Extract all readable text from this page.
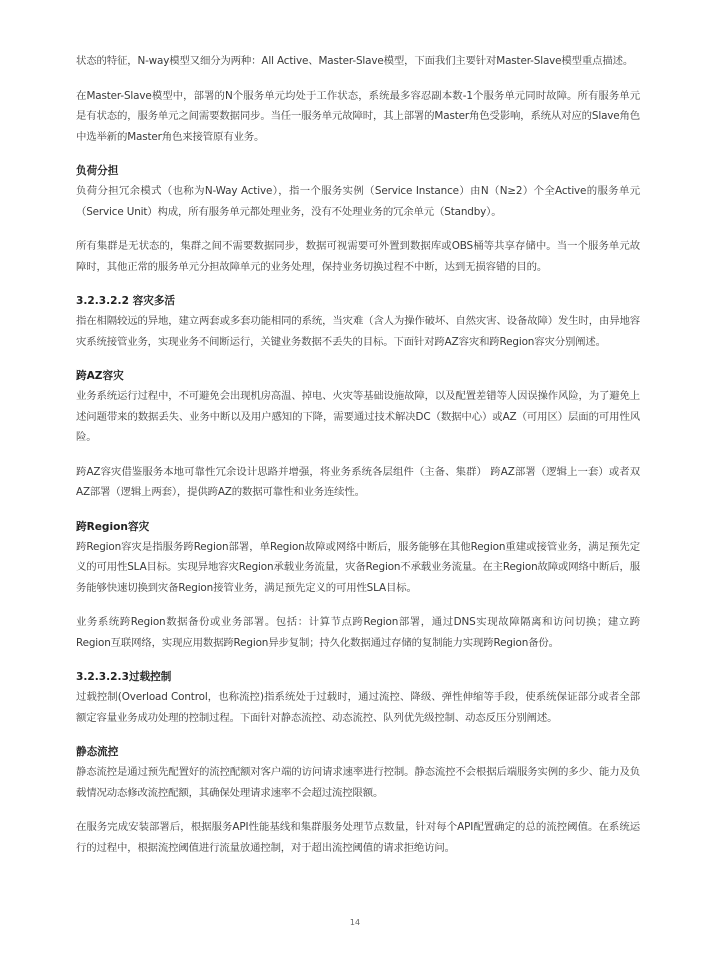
状态的特征，N-way模型又细分为两种：All Active、Master-Slave模型，下面我们主要针对Master-Slave模型重点描述。

在Master-Slave模型中，部署的N个服务单元均处于工作状态，系统最多容忍副本数-1个服务单元同时故障。所有服务单元是有状态的，服务单元之间需要数据同步。当任一服务单元故障时，其上部署的Master角色受影响，系统从对应的Slave角色中选举新的Master角色来接管原有业务。

负荷分担

负荷分担冗余模式（也称为N-Way Active），指一个服务实例（Service Instance）由N（N≥2）个全Active的服务单元（Service Unit）构成，所有服务单元都处理业务，没有不处理业务的冗余单元（Standby）。

所有集群是无状态的，集群之间不需要数据同步，数据可视需要可外置到数据库或OBS桶等共享存储中。当一个服务单元故障时，其他正常的服务单元分担故障单元的业务处理，保持业务切换过程不中断，达到无损容错的目的。

3.2.3.2.2 容灾多活

指在相隔较远的异地，建立两套或多套功能相同的系统，当灾难（含人为操作破坏、自然灾害、设备故障）发生时，由异地容灾系统接管业务，实现业务不间断运行，关键业务数据不丢失的目标。下面针对跨AZ容灾和跨Region容灾分别阐述。

跨AZ容灾

业务系统运行过程中，不可避免会出现机房高温、掉电、火灾等基础设施故障，以及配置差错等人因误操作风险，为了避免上述问题带来的数据丢失、业务中断以及用户感知的下降，需要通过技术解决DC（数据中心）或AZ（可用区）层面的可用性风险。

跨AZ容灾借鉴服务本地可靠性冗余设计思路并增强，将业务系统各层组件（主备、集群） 跨AZ部署（逻辑上一套）或者双AZ部署（逻辑上两套），提供跨AZ的数据可靠性和业务连续性。

跨Region容灾

跨Region容灾是指服务跨Region部署，单Region故障或网络中断后，服务能够在其他Region重建或接管业务，满足预先定义的可用性SLA目标。实现异地容灾Region承载业务流量，灾备Region不承载业务流量。在主Region故障或网络中断后，服务能够快速切换到灾备Region接管业务，满足预先定义的可用性SLA目标。

业务系统跨Region数据备份或业务部署。包括：计算节点跨Region部署，通过DNS实现故障隔离和访问切换；建立跨Region互联网络，实现应用数据跨Region异步复制；持久化数据通过存储的复制能力实现跨Region备份。

3.2.3.2.3过载控制

过载控制(Overload Control，也称流控)指系统处于过载时，通过流控、降级、弹性伸缩等手段，使系统保证部分或者全部额定容量业务成功处理的控制过程。下面针对静态流控、动态流控、队列优先级控制、动态反压分别阐述。

静态流控

静态流控是通过预先配置好的流控配额对客户端的访问请求速率进行控制。静态流控不会根据后端服务实例的多少、能力及负载情况动态修改流控配额，其确保处理请求速率不会超过流控限额。

在服务完成安装部署后，根据服务API性能基线和集群服务处理节点数量，针对每个API配置确定的总的流控阈值。在系统运行的过程中，根据流控阈值进行流量放通控制，对于超出流控阈值的请求拒绝访问。

14
